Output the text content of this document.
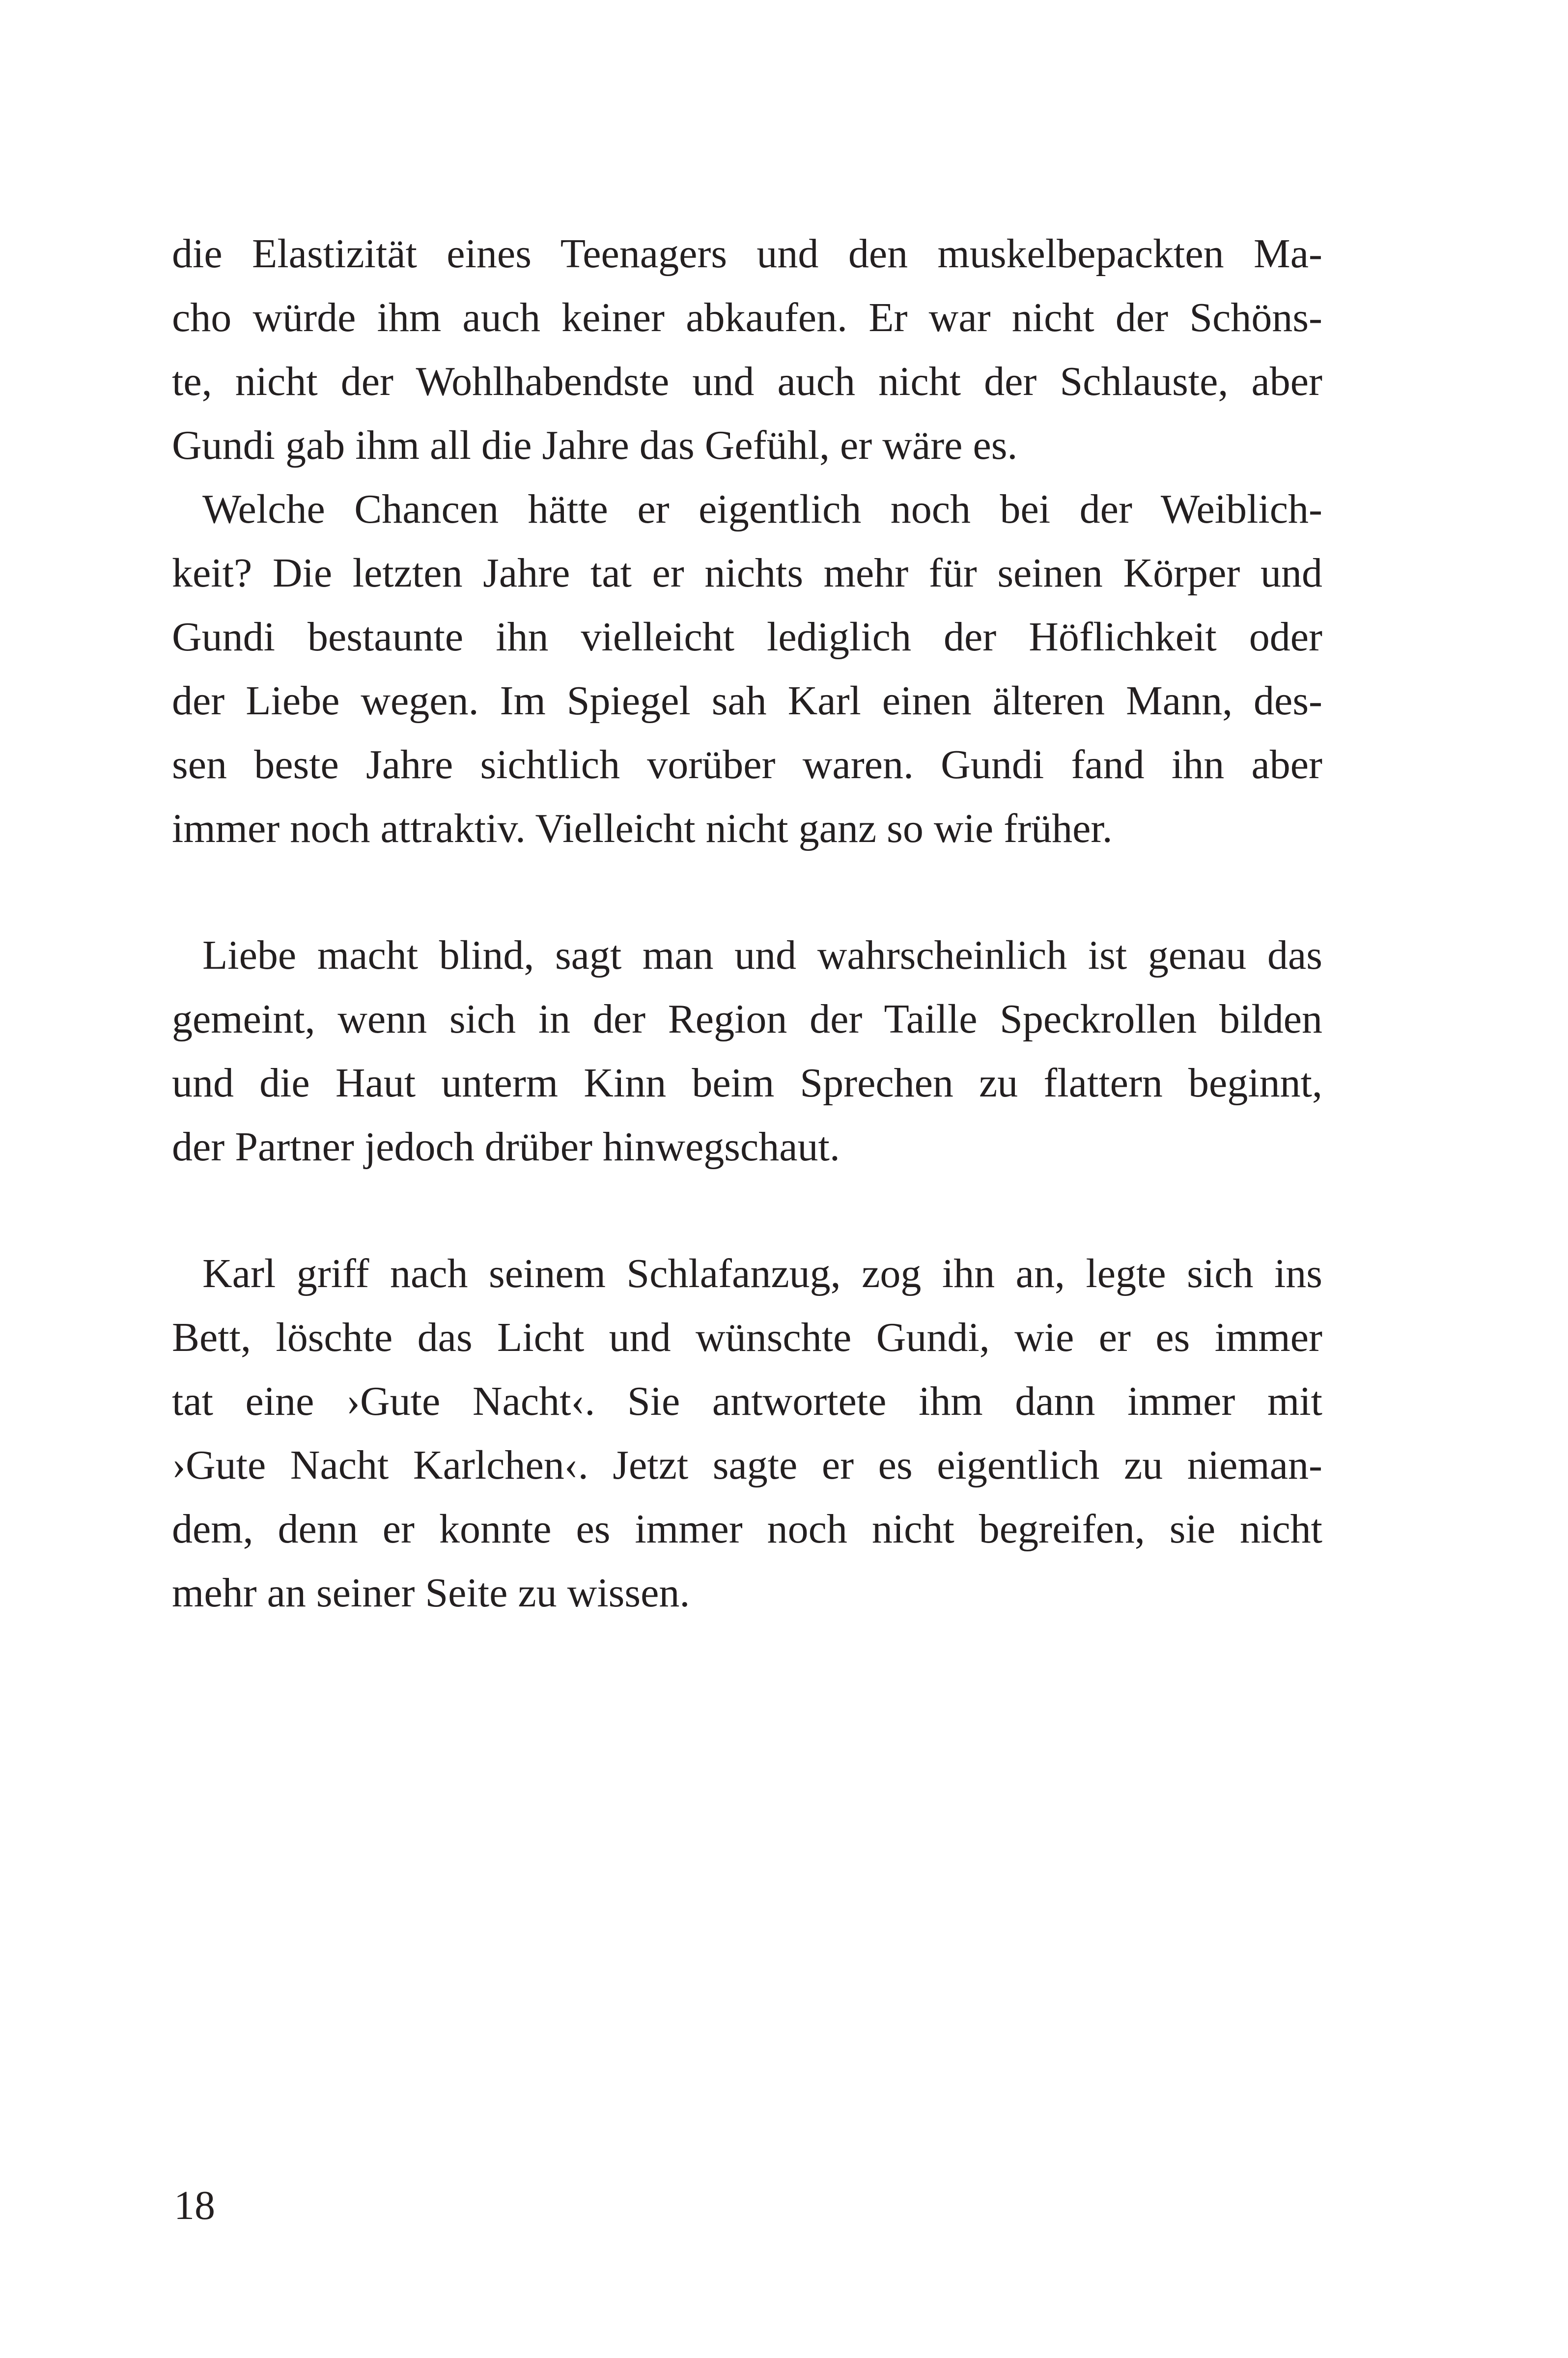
die Elastizität eines Teenagers und den muskelbepackten Ma-
cho würde ihm auch keiner abkaufen. Er war nicht der Schöns-
te, nicht der Wohlhabendste und auch nicht der Schlauste, aber
Gundi gab ihm all die Jahre das Gefühl, er wäre es.
Welche Chancen hätte er eigentlich noch bei der Weiblich-
keit? Die letzten Jahre tat er nichts mehr für seinen Körper und
Gundi bestaunte ihn vielleicht lediglich der Höflichkeit oder
der Liebe wegen. Im Spiegel sah Karl einen älteren Mann, des-
sen beste Jahre sichtlich vorüber waren. Gundi fand ihn aber
immer noch attraktiv. Vielleicht nicht ganz so wie früher.
Liebe macht blind, sagt man und wahrscheinlich ist genau das
gemeint, wenn sich in der Region der Taille Speckrollen bilden
und die Haut unterm Kinn beim Sprechen zu flattern beginnt,
der Partner jedoch drüber hinwegschaut.
Karl griff nach seinem Schlafanzug, zog ihn an, legte sich ins
Bett, löschte das Licht und wünschte Gundi, wie er es immer
tat eine ›Gute Nacht‹. Sie antwortete ihm dann immer mit
›Gute Nacht Karlchen‹. Jetzt sagte er es eigentlich zu nieman-
dem, denn er konnte es immer noch nicht begreifen, sie nicht
mehr an seiner Seite zu wissen.
18
